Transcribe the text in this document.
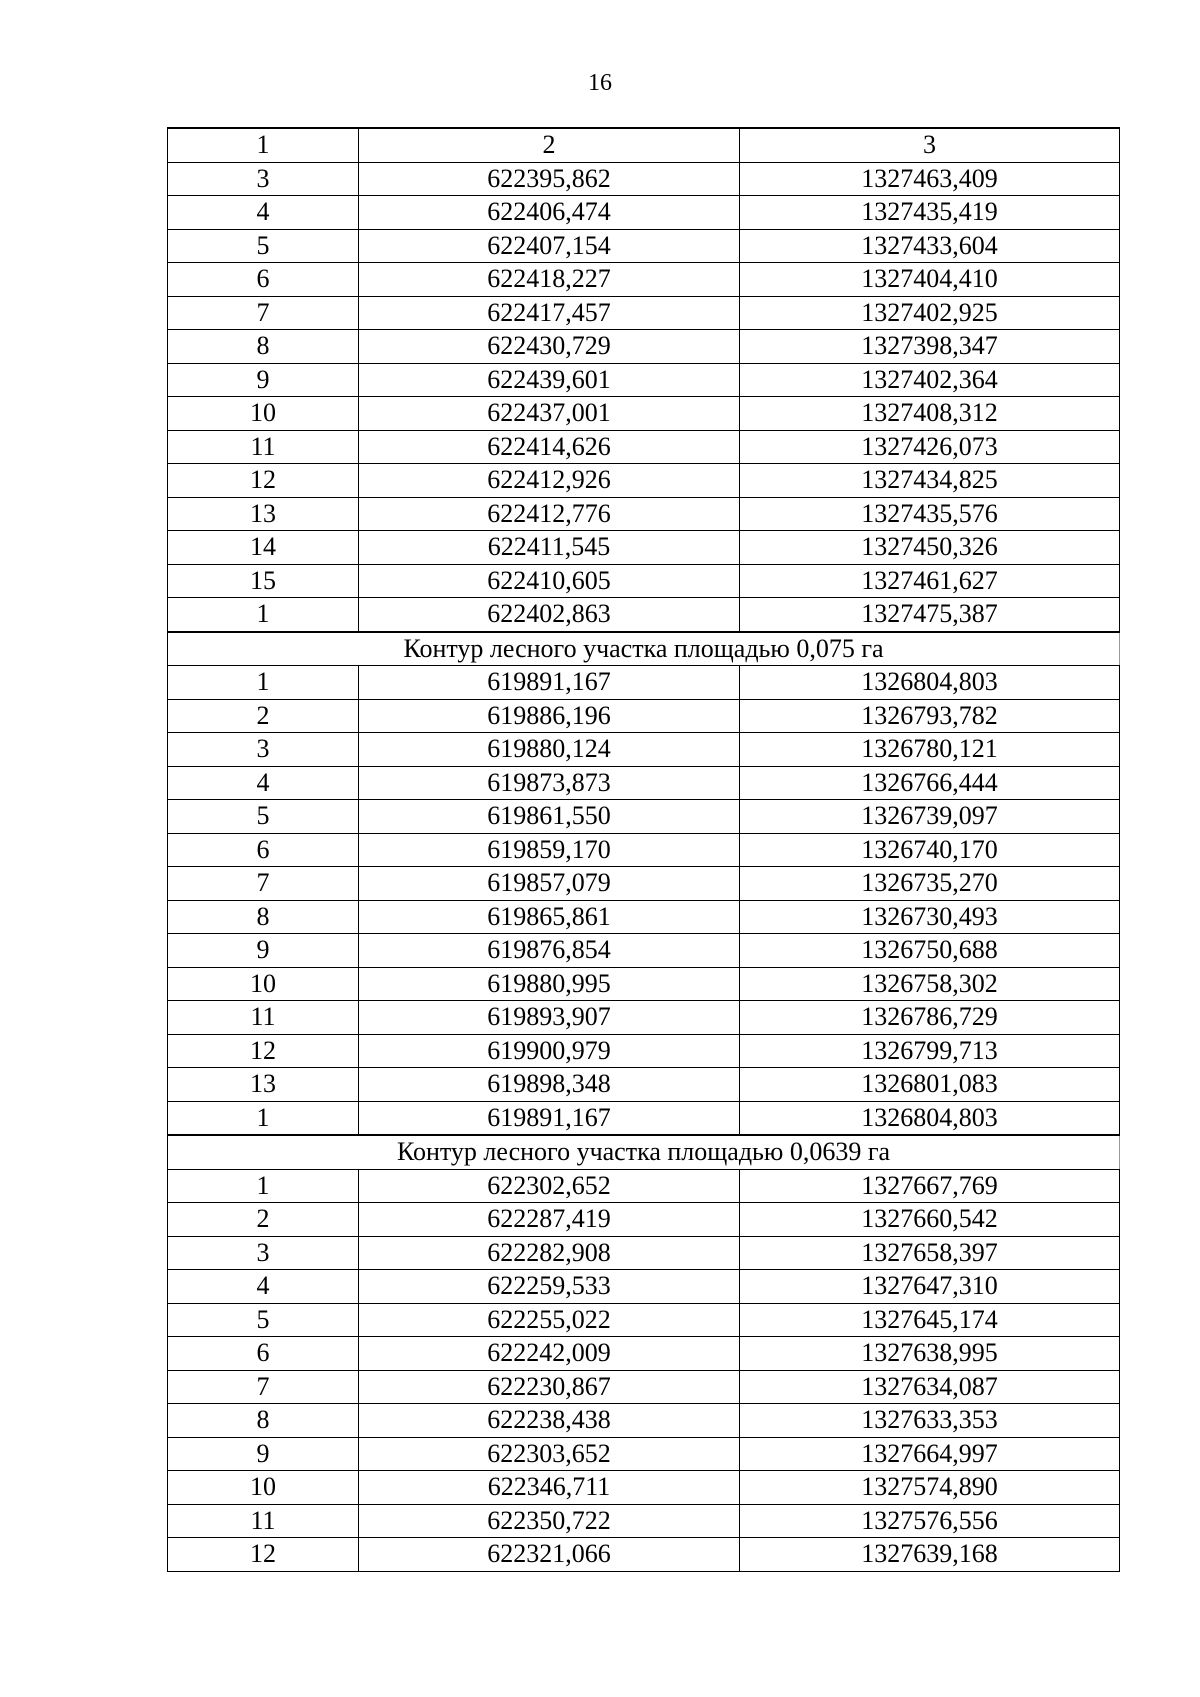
16
1	2	3
3	622395,862	1327463,409
4	622406,474	1327435,419
5	622407,154	1327433,604
6	622418,227	1327404,410
7	622417,457	1327402,925
8	622430,729	1327398,347
9	622439,601	1327402,364
10	622437,001	1327408,312
11	622414,626	1327426,073
12	622412,926	1327434,825
13	622412,776	1327435,576
14	622411,545	1327450,326
15	622410,605	1327461,627
1	622402,863	1327475,387
Контур лесного участка площадью 0,075 га		
1	619891,167	1326804,803
2	619886,196	1326793,782
3	619880,124	1326780,121
4	619873,873	1326766,444
5	619861,550	1326739,097
6	619859,170	1326740,170
7	619857,079	1326735,270
8	619865,861	1326730,493
9	619876,854	1326750,688
10	619880,995	1326758,302
11	619893,907	1326786,729
12	619900,979	1326799,713
13	619898,348	1326801,083
1	619891,167	1326804,803
Контур лесного участка площадью 0,0639 га		
1	622302,652	1327667,769
2	622287,419	1327660,542
3	622282,908	1327658,397
4	622259,533	1327647,310
5	622255,022	1327645,174
6	622242,009	1327638,995
7	622230,867	1327634,087
8	622238,438	1327633,353
9	622303,652	1327664,997
10	622346,711	1327574,890
11	622350,722	1327576,556
12	622321,066	1327639,168
